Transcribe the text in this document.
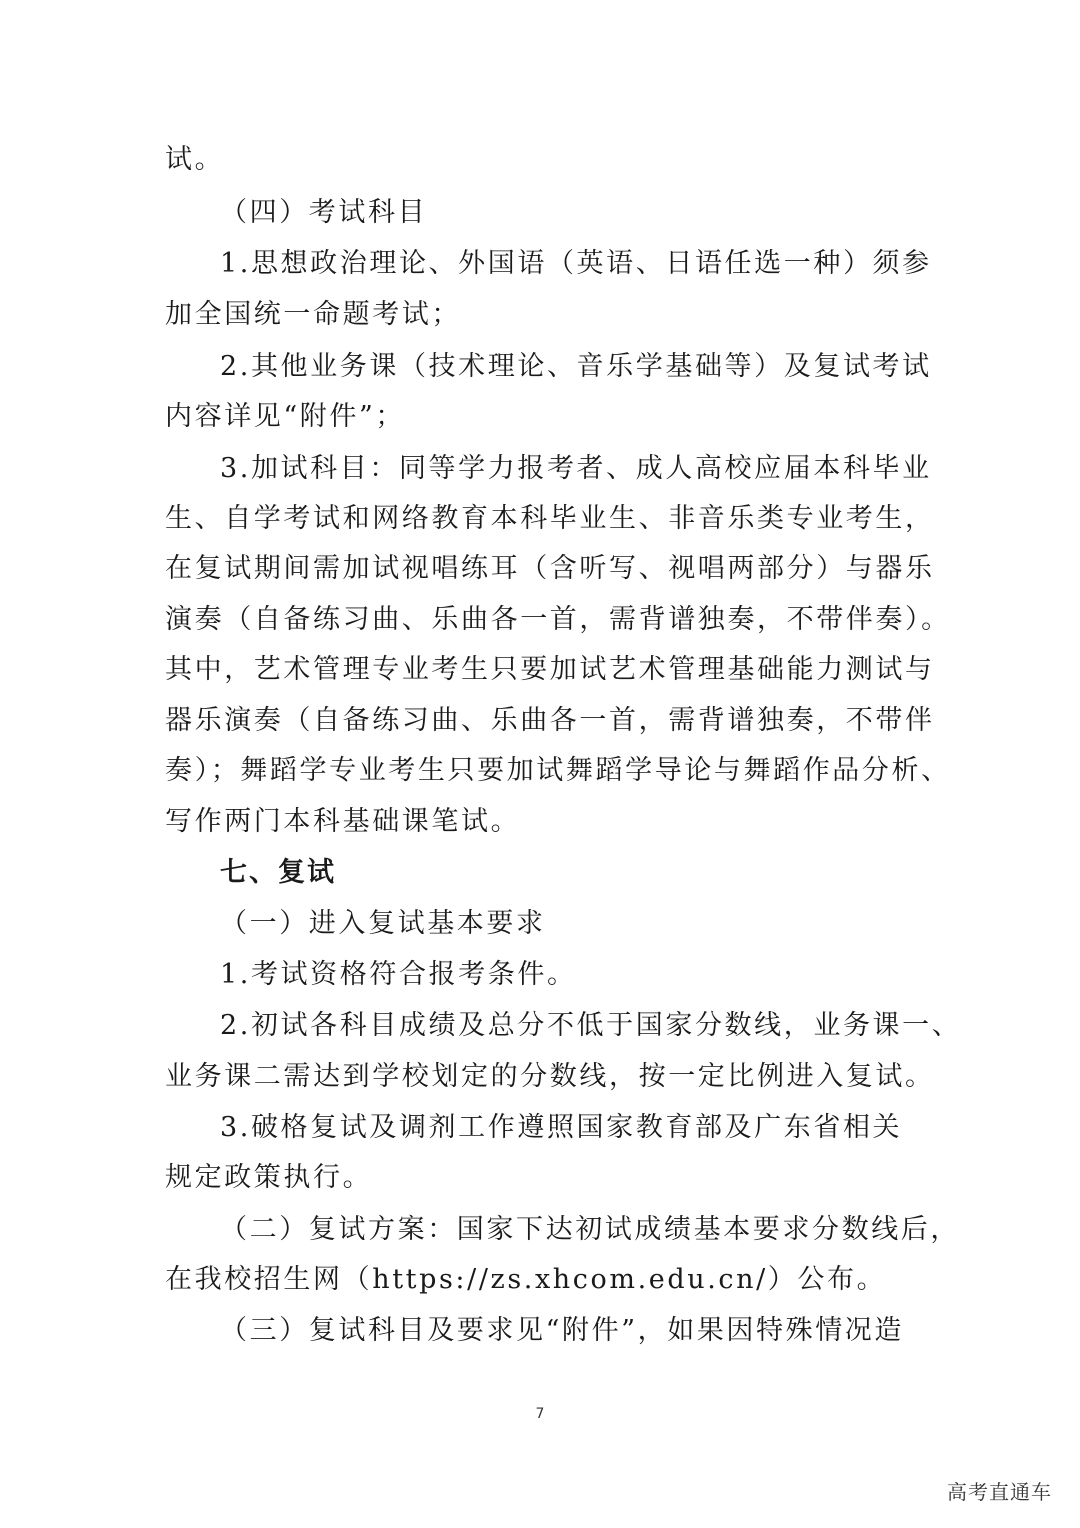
试。
（四）考试科目
1.思想政治理论、外国语（英语、日语任选一种）须参
加全国统一命题考试；
2.其他业务课（技术理论、音乐学基础等）及复试考试
内容详见“附件”；
3.加试科目：同等学力报考者、成人高校应届本科毕业
生、自学考试和网络教育本科毕业生、非音乐类专业考生，
在复试期间需加试视唱练耳（含听写、视唱两部分）与器乐
演奏（自备练习曲、乐曲各一首，需背谱独奏，不带伴奏）。
其中，艺术管理专业考生只要加试艺术管理基础能力测试与
器乐演奏（自备练习曲、乐曲各一首，需背谱独奏，不带伴
奏）；舞蹈学专业考生只要加试舞蹈学导论与舞蹈作品分析、
写作两门本科基础课笔试。
七、复试
（一）进入复试基本要求
1.考试资格符合报考条件。
2.初试各科目成绩及总分不低于国家分数线，业务课一、
业务课二需达到学校划定的分数线，按一定比例进入复试。
3.破格复试及调剂工作遵照国家教育部及广东省相关
规定政策执行。
（二）复试方案：国家下达初试成绩基本要求分数线后，
在我校招生网（https://zs.xhcom.edu.cn/）公布。
（三）复试科目及要求见“附件”，如果因特殊情况造
7
高考直通车
